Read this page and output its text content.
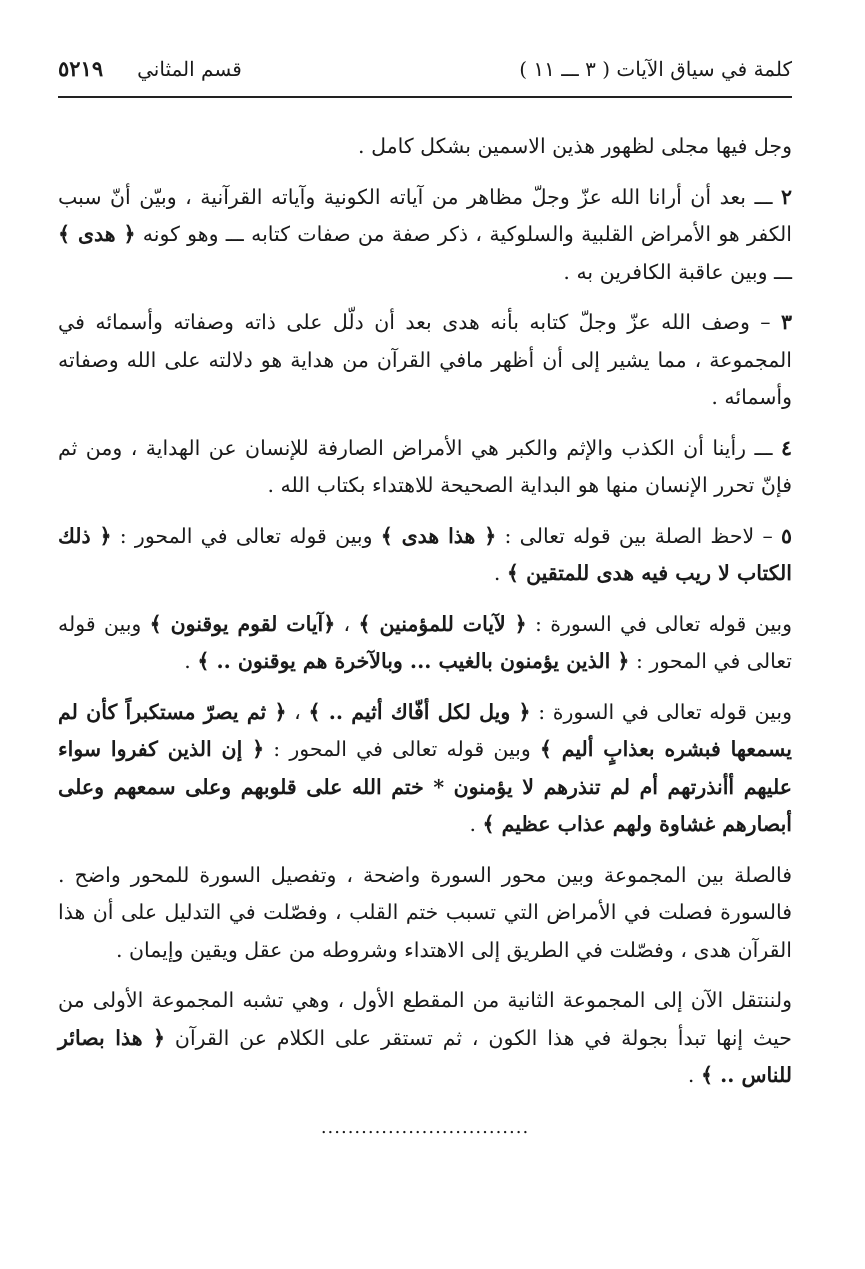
كلمة في سياق الآيات ( ٣ ـــ ١١ )
قسم المثاني
٥٢١٩

وجل فيها مجلى لظهور هذين الاسمين بشكل كامل .

٢ ـــ بعد أن أرانا الله عزّ وجلّ مظاهر من آياته الكونية وآياته القرآنية ، وبيّن أنّ سبب الكفر هو الأمراض القلبية والسلوكية ، ذكر صفة من صفات كتابه ـــ وهو كونه ﴿ هدى ﴾ ـــ وبين عاقبة الكافرين به .

٣ – وصف الله عزّ وجلّ كتابه بأنه هدى بعد أن دلّل على ذاته وصفاته وأسمائه في المجموعة ، مما يشير إلى أن أظهر مافي القرآن من هداية هو دلالته على الله وصفاته وأسمائه .

٤ ـــ رأينا أن الكذب والإثم والكبر هي الأمراض الصارفة للإنسان عن الهداية ، ومن ثم فإنّ تحرر الإنسان منها هو البداية الصحيحة للاهتداء بكتاب الله .

٥ – لاحظ الصلة بين قوله تعالى : ﴿ هذا هدى ﴾ وبين قوله تعالى في المحور : ﴿ ذلك الكتاب لا ريب فيه هدى للمتقين ﴾ .

وبين قوله تعالى في السورة : ﴿ لآيات للمؤمنين ﴾ ، ﴿آيات لقوم يوقنون ﴾ وبين قوله تعالى في المحور : ﴿ الذين يؤمنون بالغيب ... وبالآخرة هم يوقنون .. ﴾ .

وبين قوله تعالى في السورة : ﴿ ويل لكل أفّاك أثيم .. ﴾ ، ﴿ ثم يصرّ مستكبراً كأن لم يسمعها فبشره بعذابٍ أليم ﴾ وبين قوله تعالى في المحور : ﴿ إن الذين كفروا سواء عليهم أأنذرتهم أم لم تنذرهم لا يؤمنون * ختم الله على قلوبهم وعلى سمعهم وعلى أبصارهم غشاوة ولهم عذاب عظيم ﴾ .

فالصلة بين المجموعة وبين محور السورة واضحة ، وتفصيل السورة للمحور واضح . فالسورة فصلت في الأمراض التي تسبب ختم القلب ، وفصّلت في التدليل على أن هذا القرآن هدى ، وفصّلت في الطريق إلى الاهتداء وشروطه من عقل ويقين وإيمان .

ولننتقل الآن إلى المجموعة الثانية من المقطع الأول ، وهي تشبه المجموعة الأولى من حيث إنها تبدأ بجولة في هذا الكون ، ثم تستقر على الكلام عن القرآن ﴿ هذا بصائر للناس .. ﴾ .

...............................
